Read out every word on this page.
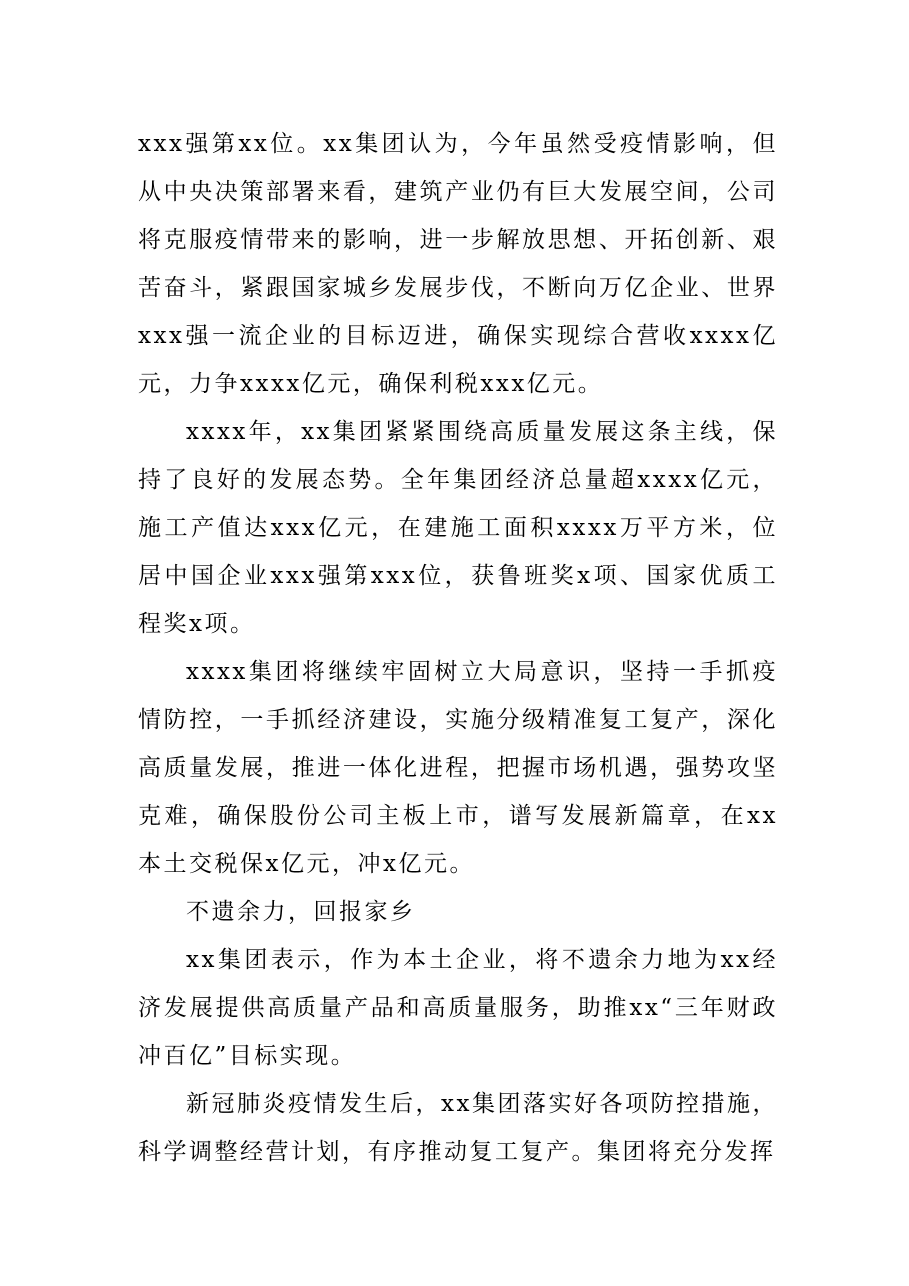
xxx强第xx位。xx集团认为，今年虽然受疫情影响，但从中央决策部署来看，建筑产业仍有巨大发展空间，公司将克服疫情带来的影响，进一步解放思想、开拓创新、艰苦奋斗，紧跟国家城乡发展步伐，不断向万亿企业、世界xxx强一流企业的目标迈进，确保实现综合营收xxxx亿元，力争xxxx亿元，确保利税xxx亿元。

xxxx年，xx集团紧紧围绕高质量发展这条主线，保持了良好的发展态势。全年集团经济总量超xxxx亿元，施工产值达xxx亿元，在建施工面积xxxx万平方米，位居中国企业xxx强第xxx位，获鲁班奖x项、国家优质工程奖x项。

xxxx集团将继续牢固树立大局意识，坚持一手抓疫情防控，一手抓经济建设，实施分级精准复工复产，深化高质量发展，推进一体化进程，把握市场机遇，强势攻坚克难，确保股份公司主板上市，谱写发展新篇章，在xx本土交税保x亿元，冲x亿元。

不遗余力，回报家乡

xx集团表示，作为本土企业，将不遗余力地为xx经济发展提供高质量产品和高质量服务，助推xx“三年财政冲百亿”目标实现。

新冠肺炎疫情发生后，xx集团落实好各项防控措施，科学调整经营计划，有序推动复工复产。集团将充分发挥
